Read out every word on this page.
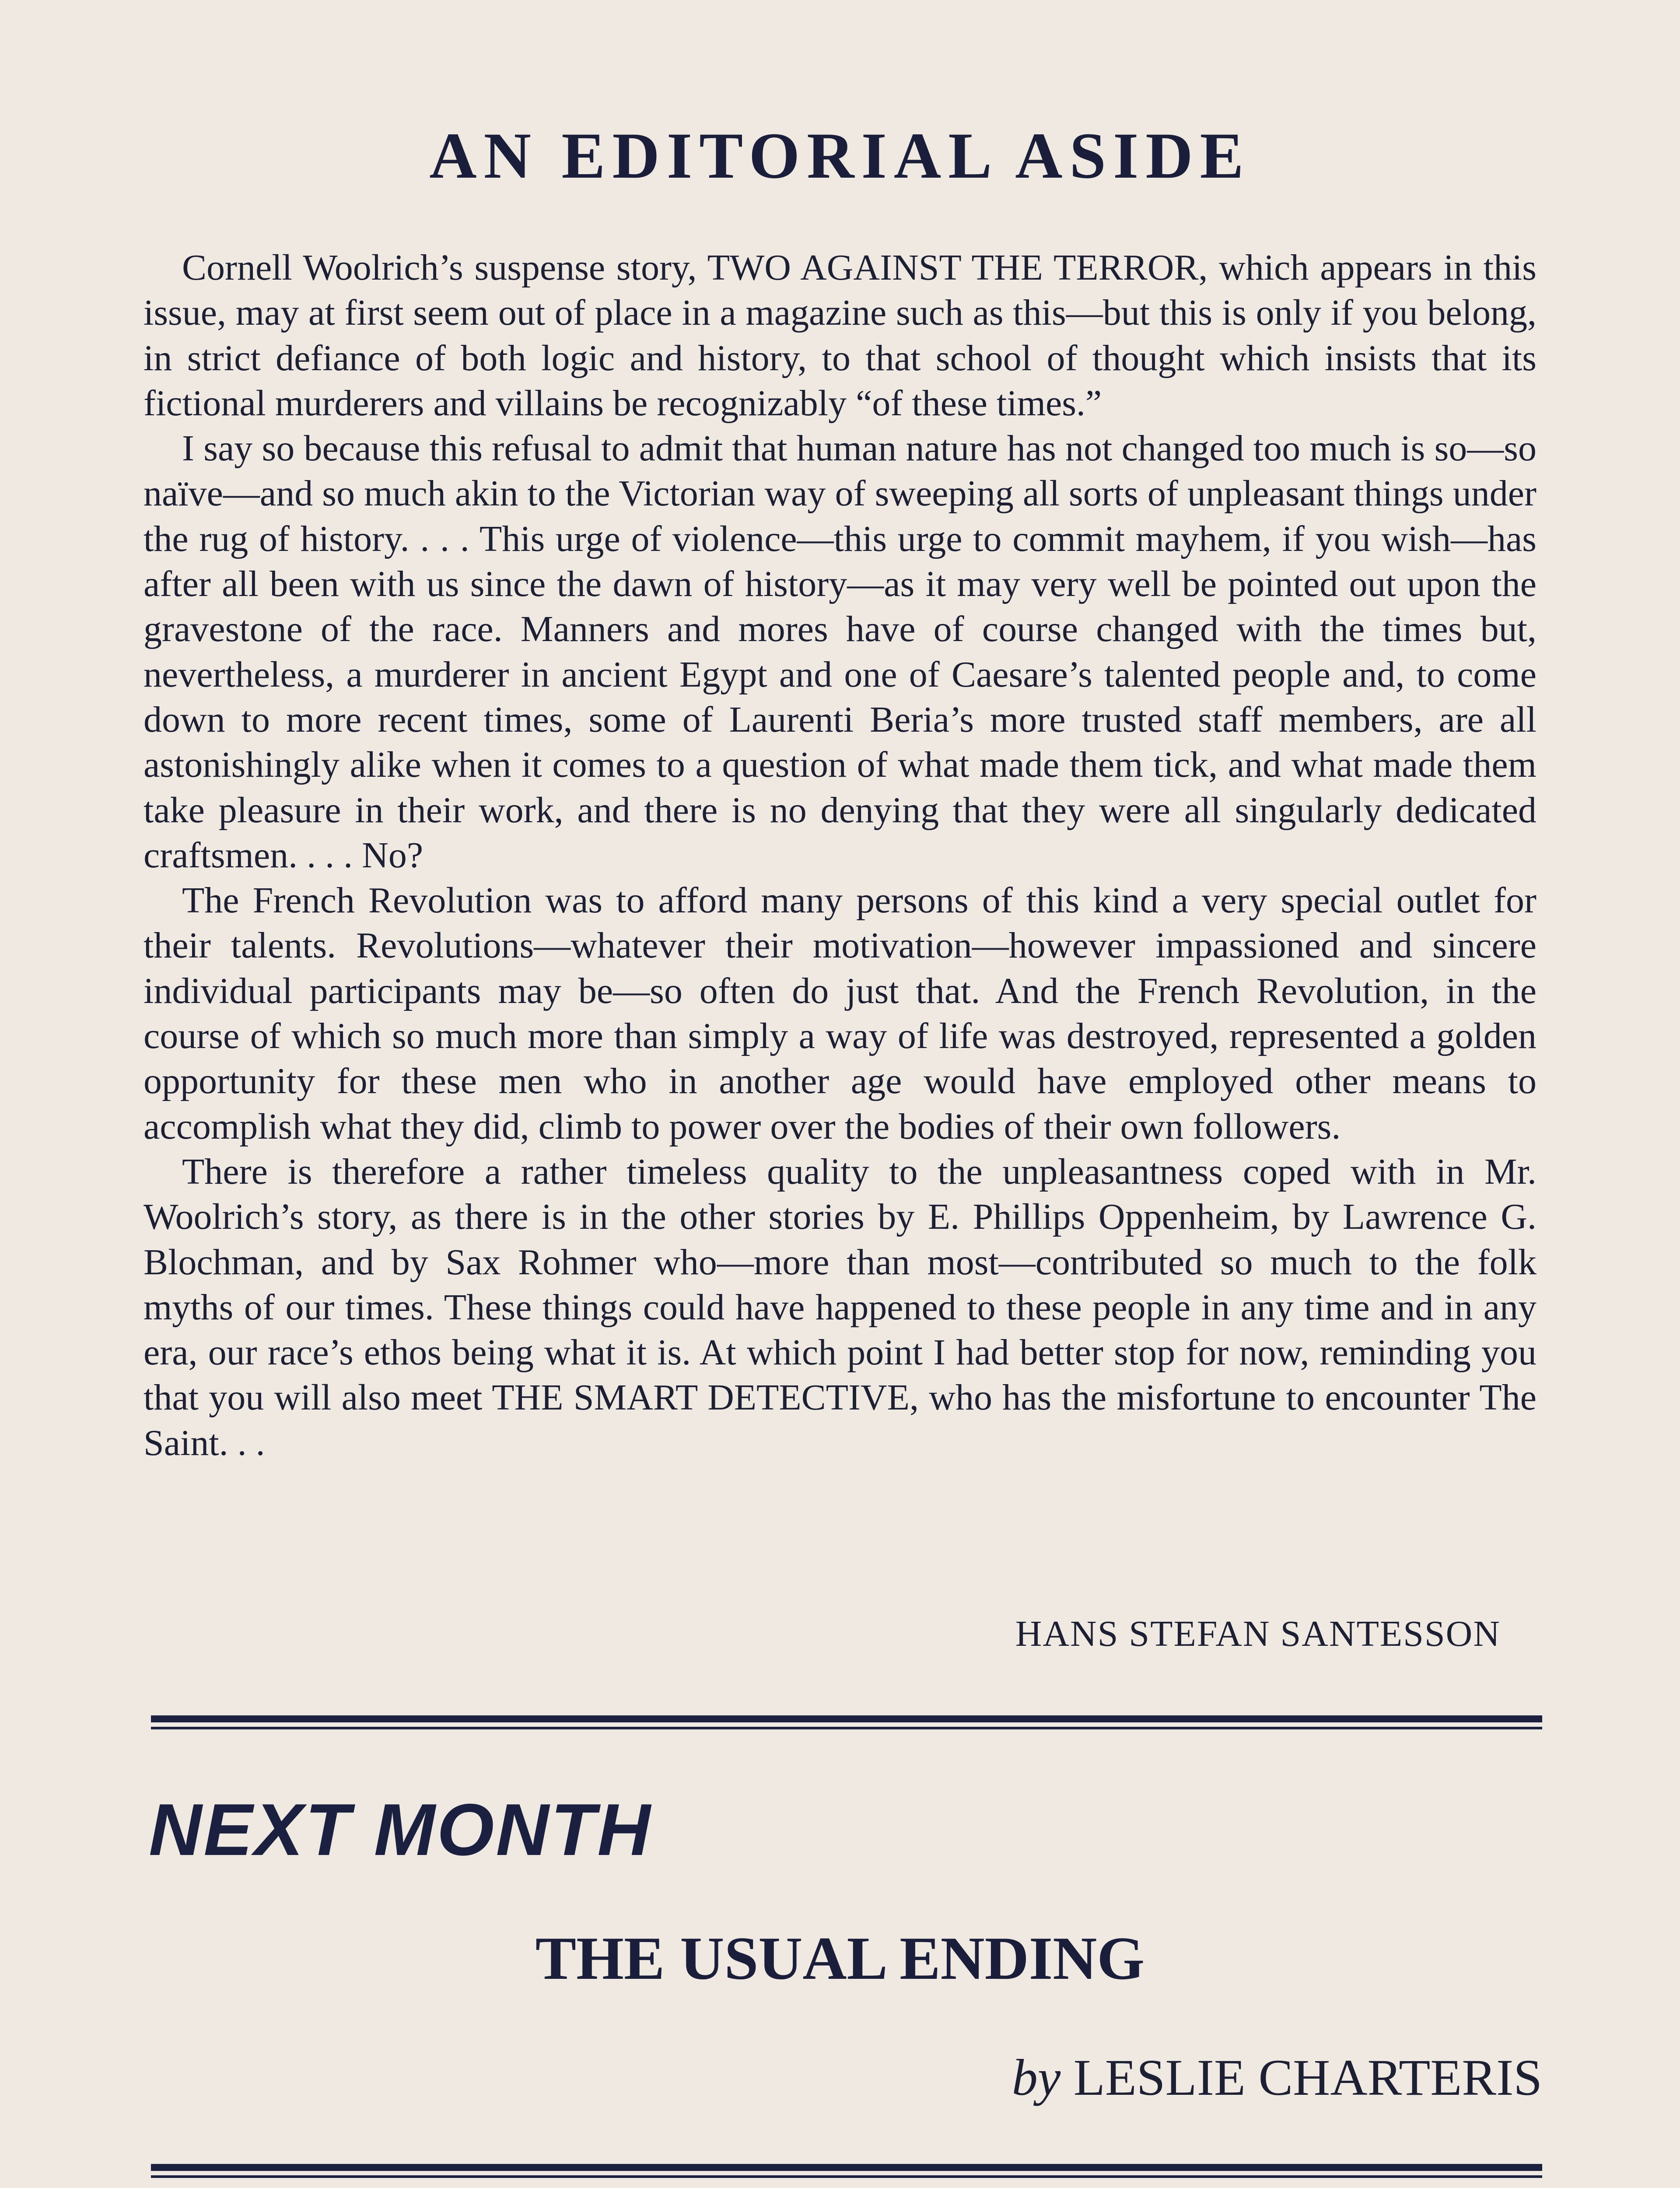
AN EDITORIAL ASIDE

Cornell Woolrich’s suspense story, TWO AGAINST THE TERROR, which appears in this issue, may at first seem out of place in a magazine such as this—but this is only if you belong, in strict defiance of both logic and history, to that school of thought which insists that its fictional murderers and villains be recognizably “of these times.”

I say so because this refusal to admit that human nature has not changed too much is so—so naïve—and so much akin to the Victorian way of sweeping all sorts of unpleasant things under the rug of history. . . . This urge of violence—this urge to commit mayhem, if you wish—has after all been with us since the dawn of history—as it may very well be pointed out upon the gravestone of the race. Manners and mores have of course changed with the times but, nevertheless, a murderer in ancient Egypt and one of Caesare’s talented people and, to come down to more recent times, some of Laurenti Beria’s more trusted staff members, are all astonishingly alike when it comes to a question of what made them tick, and what made them take pleasure in their work, and there is no denying that they were all singularly dedicated craftsmen. . . . No?

The French Revolution was to afford many persons of this kind a very special outlet for their talents. Revolutions—whatever their motivation—however impassioned and sincere individual participants may be—so often do just that. And the French Revolution, in the course of which so much more than simply a way of life was destroyed, represented a golden opportunity for these men who in another age would have employed other means to accomplish what they did, climb to power over the bodies of their own followers.

There is therefore a rather timeless quality to the unpleasantness coped with in Mr. Woolrich’s story, as there is in the other stories by E. Phillips Oppenheim, by Lawrence G. Blochman, and by Sax Rohmer who—more than most—contributed so much to the folk myths of our times. These things could have happened to these people in any time and in any era, our race’s ethos being what it is. At which point I had better stop for now, reminding you that you will also meet THE SMART DETECTIVE, who has the misfortune to encounter The Saint. . .

HANS STEFAN SANTESSON
NEXT MONTH
THE USUAL ENDING
by LESLIE CHARTERIS
